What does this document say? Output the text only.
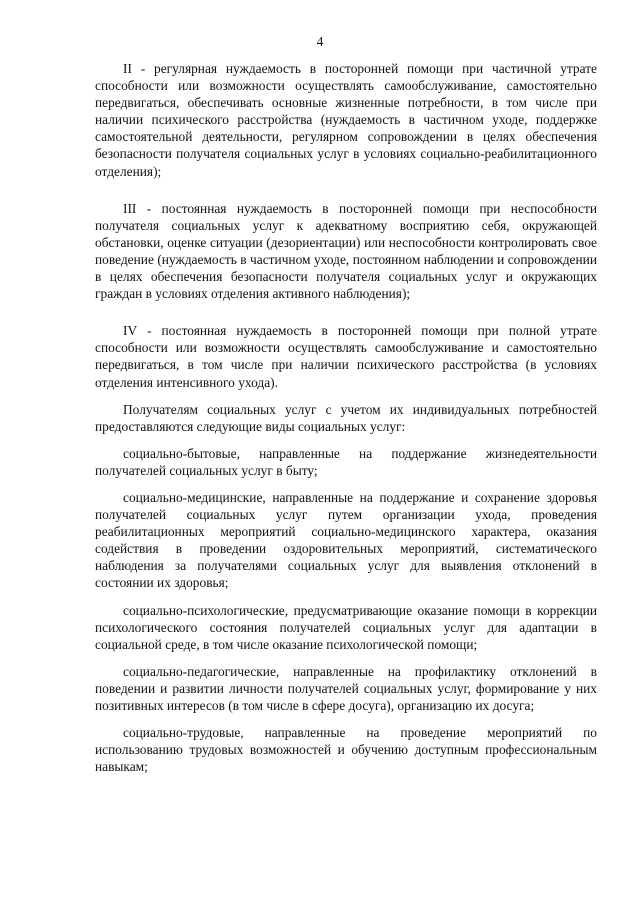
4

II - регулярная нуждаемость в посторонней помощи при частичной утрате способности или возможности осуществлять самообслуживание, самостоятельно передвигаться, обеспечивать основные жизненные потребности, в том числе при наличии психического расстройства (нуждаемость в частичном уходе, поддержке самостоятельной деятельности, регулярном сопровождении в целях обеспечения безопасности получателя социальных услуг в условиях социально-реабилитационного отделения);

III - постоянная нуждаемость в посторонней помощи при неспособности получателя социальных услуг к адекватному восприятию себя, окружающей обстановки, оценке ситуации (дезориентации) или неспособности контролировать свое поведение (нуждаемость в частичном уходе, постоянном наблюдении и сопровождении в целях обеспечения безопасности получателя социальных услуг и окружающих граждан в условиях отделения активного наблюдения);

IV - постоянная нуждаемость в посторонней помощи при полной утрате способности или возможности осуществлять самообслуживание и самостоятельно передвигаться, в том числе при наличии психического расстройства (в условиях отделения интенсивного ухода).

Получателям социальных услуг с учетом их индивидуальных потребностей предоставляются следующие виды социальных услуг:

социально-бытовые, направленные на поддержание жизнедеятельности получателей социальных услуг в быту;

социально-медицинские, направленные на поддержание и сохранение здоровья получателей социальных услуг путем организации ухода, проведения реабилитационных мероприятий социально-медицинского характера, оказания содействия в проведении оздоровительных мероприятий, систематического наблюдения за получателями социальных услуг для выявления отклонений в состоянии их здоровья;

социально-психологические, предусматривающие оказание помощи в коррекции психологического состояния получателей социальных услуг для адаптации в социальной среде, в том числе оказание психологической помощи;

социально-педагогические, направленные на профилактику отклонений в поведении и развитии личности получателей социальных услуг, формирование у них позитивных интересов (в том числе в сфере досуга), организацию их досуга;

социально-трудовые, направленные на проведение мероприятий по использованию трудовых возможностей и обучению доступным профессиональным навыкам;
